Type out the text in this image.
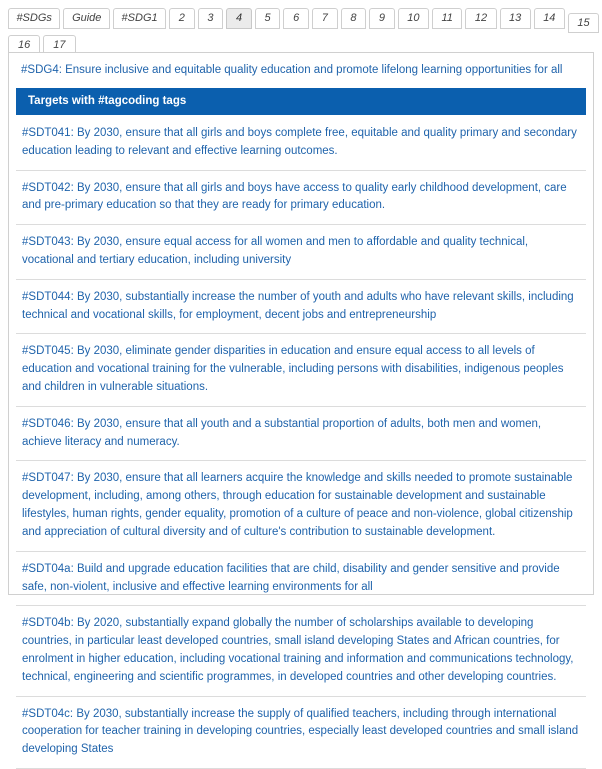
#SDGs	Guide	#SDG1	2	3	4	5	6	7	8	9	10	11	12	13	14	15
16	17
#SDG4: Ensure inclusive and equitable quality education and promote lifelong learning opportunities for all
Targets with #tagcoding tags
#SDT041: By 2030, ensure that all girls and boys complete free, equitable and quality primary and secondary education leading to relevant and effective learning outcomes.
#SDT042: By 2030, ensure that all girls and boys have access to quality early childhood development, care and pre-primary education so that they are ready for primary education.
#SDT043: By 2030, ensure equal access for all women and men to affordable and quality technical, vocational and tertiary education, including university
#SDT044: By 2030, substantially increase the number of youth and adults who have relevant skills, including technical and vocational skills, for employment, decent jobs and entrepreneurship
#SDT045: By 2030, eliminate gender disparities in education and ensure equal access to all levels of education and vocational training for the vulnerable, including persons with disabilities, indigenous peoples and children in vulnerable situations.
#SDT046: By 2030, ensure that all youth and a substantial proportion of adults, both men and women, achieve literacy and numeracy.
#SDT047: By 2030, ensure that all learners acquire the knowledge and skills needed to promote sustainable development, including, among others, through education for sustainable development and sustainable lifestyles, human rights, gender equality, promotion of a culture of peace and non-violence, global citizenship and appreciation of cultural diversity and of culture's contribution to sustainable development.
#SDT04a: Build and upgrade education facilities that are child, disability and gender sensitive and provide safe, non-violent, inclusive and effective learning environments for all
#SDT04b: By 2020, substantially expand globally the number of scholarships available to developing countries, in particular least developed countries, small island developing States and African countries, for enrolment in higher education, including vocational training and information and communications technology, technical, engineering and scientific programmes, in developed countries and other developing countries.
#SDT04c: By 2030, substantially increase the supply of qualified teachers, including through international cooperation for teacher training in developing countries, especially least developed countries and small island developing States
